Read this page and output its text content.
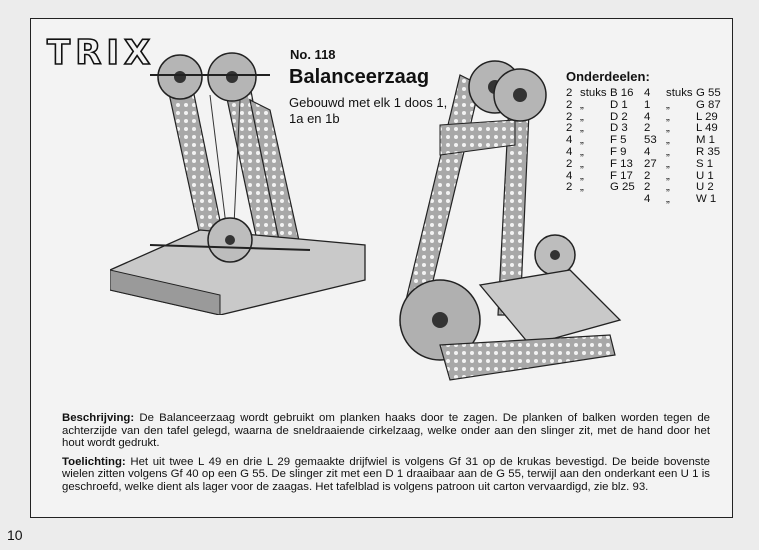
TRIX	No. 118
Balanceerzaag
Gebouwd met elk 1 doos 1, 1a en 1b
Onderdeelen:
2 stuks B 16 4 stuks G 55
2 „ D 1 1 „ G 87
2 „ D 2 4 „ L 29
2 „ D 3 2 „ L 49
4 „ F 5 53 „ M 1
4 „ F 9 4 „ R 35
2 „ F 13 27 „ S 1
4 „ F 17 2 „ U 1
2 „ G 25 2 „ U 2
4 „ W 1

Beschrijving: De Balanceerzaag wordt gebruikt om planken haaks door te zagen. De planken of balken worden tegen de achterzijde van den tafel gelegd, waarna de sneldraaiende cirkelzaag, welke onder aan den slinger zit, met de hand door het hout wordt gedrukt.

Toelichting: Het uit twee L 49 en drie L 29 gemaakte drijfwiel is volgens Gf 31 op de krukas bevestigd. De beide bovenste wielen zitten volgens Gf 40 op een G 55. De slinger zit met een D 1 draaibaar aan de G 55, terwijl aan den onderkant een U 1 is geschroefd, welke dient als lager voor de zaagas. Het tafelblad is volgens patroon uit carton vervaardigd, zie blz. 93.

10
